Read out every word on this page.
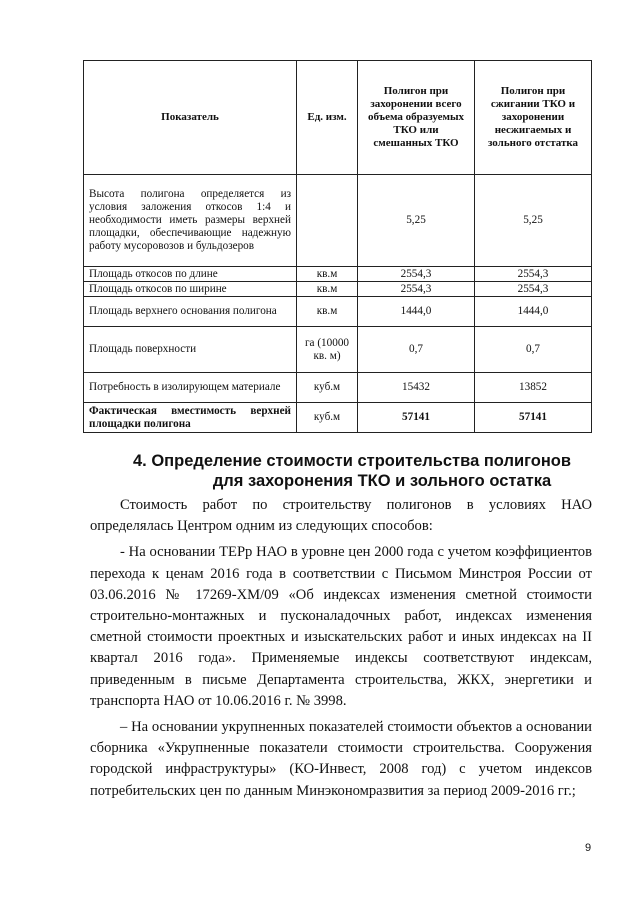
Показатель	Ед. изм.	Полигон при захоронении всего объема образуемых ТКО или смешанных ТКО	Полигон при сжигании ТКО и захоронении несжигаемых и зольного отстатка
Высота полигона определяется из условия заложения откосов 1:4 и необходимости иметь размеры верхней площадки, обеспечивающие надежную работу мусоровозов и бульдозеров		5,25	5,25
Площадь откосов по длине	кв.м	2554,3	2554,3
Площадь откосов по ширине	кв.м	2554,3	2554,3
Площадь верхнего основания полигона	кв.м	1444,0	1444,0
Площадь поверхности	га (10000 кв. м)	0,7	0,7
Потребность в изолирующем материале	куб.м	15432	13852
Фактическая вместимость верхней площадки полигона	куб.м	57141	57141
4. Определение стоимости строительства полигонов
для захоронения ТКО и зольного остатка

Стоимость работ по строительству полигонов в условиях НАО определялась Центром одним из следующих способов:

- На основании ТЕРр НАО в уровне цен 2000 года с учетом коэффициентов перехода к ценам 2016 года в соответствии с Письмом Минстроя России от 03.06.2016 № 17269-ХМ/09 «Об индексах изменения сметной стоимости строительно-монтажных и пусконаладочных работ, индексах изменения сметной стоимости проектных и изыскательских работ и иных индексах на II квартал 2016 года». Применяемые индексы соответствуют индексам, приведенным в письме Департамента строительства, ЖКХ, энергетики и транспорта НАО от 10.06.2016 г. № 3998.

– На основании укрупненных показателей стоимости объектов а основании сборника «Укрупненные показатели стоимости строительства. Сооружения городской инфраструктуры» (КО-Инвест, 2008 год) с учетом индексов потребительских цен по данным Минэкономразвития за период 2009-2016 гг.;

9
